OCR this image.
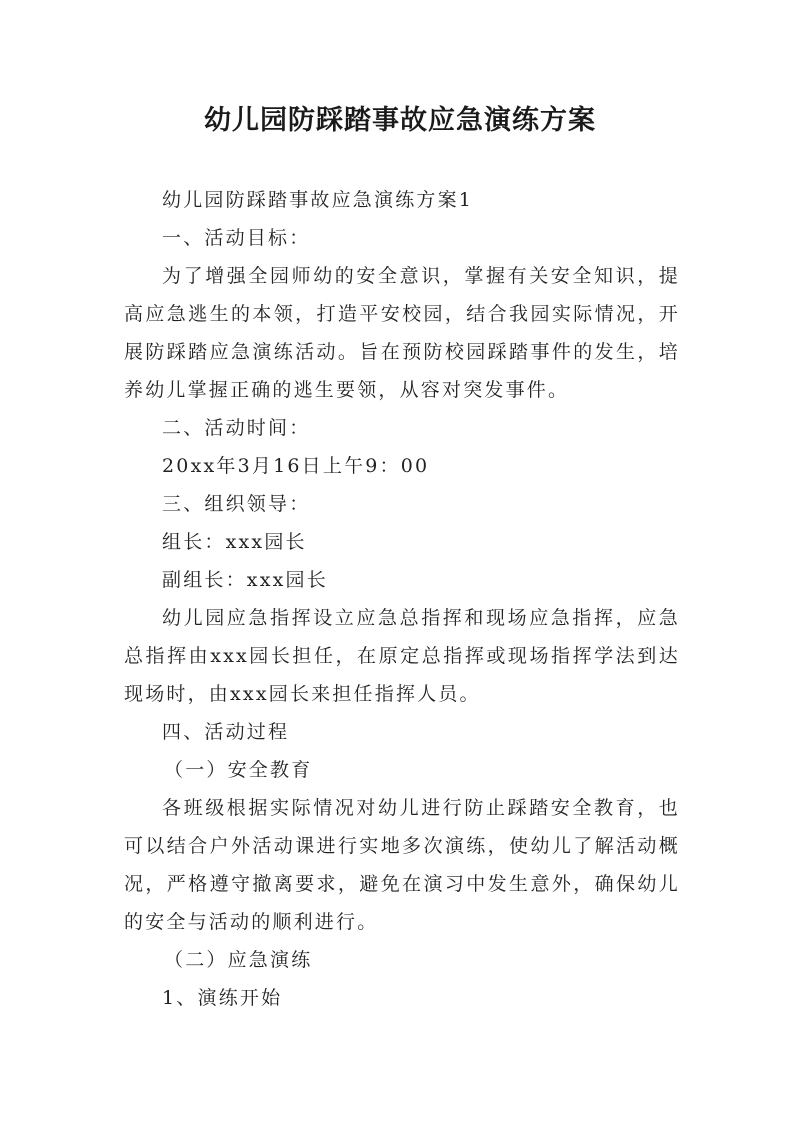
幼儿园防踩踏事故应急演练方案
幼儿园防踩踏事故应急演练方案1
一、活动目标：
为了增强全园师幼的安全意识，掌握有关安全知识，提
高应急逃生的本领，打造平安校园，结合我园实际情况，开
展防踩踏应急演练活动。旨在预防校园踩踏事件的发生，培
养幼儿掌握正确的逃生要领，从容对突发事件。
二、活动时间：
20xx年3月16日上午9：00
三、组织领导：
组长：xxx园长
副组长：xxx园长
幼儿园应急指挥设立应急总指挥和现场应急指挥，应急
总指挥由xxx园长担任，在原定总指挥或现场指挥学法到达
现场时，由xxx园长来担任指挥人员。
四、活动过程
（一）安全教育
各班级根据实际情况对幼儿进行防止踩踏安全教育，也
可以结合户外活动课进行实地多次演练，使幼儿了解活动概
况，严格遵守撤离要求，避免在演习中发生意外，确保幼儿
的安全与活动的顺利进行。
（二）应急演练
1、演练开始
